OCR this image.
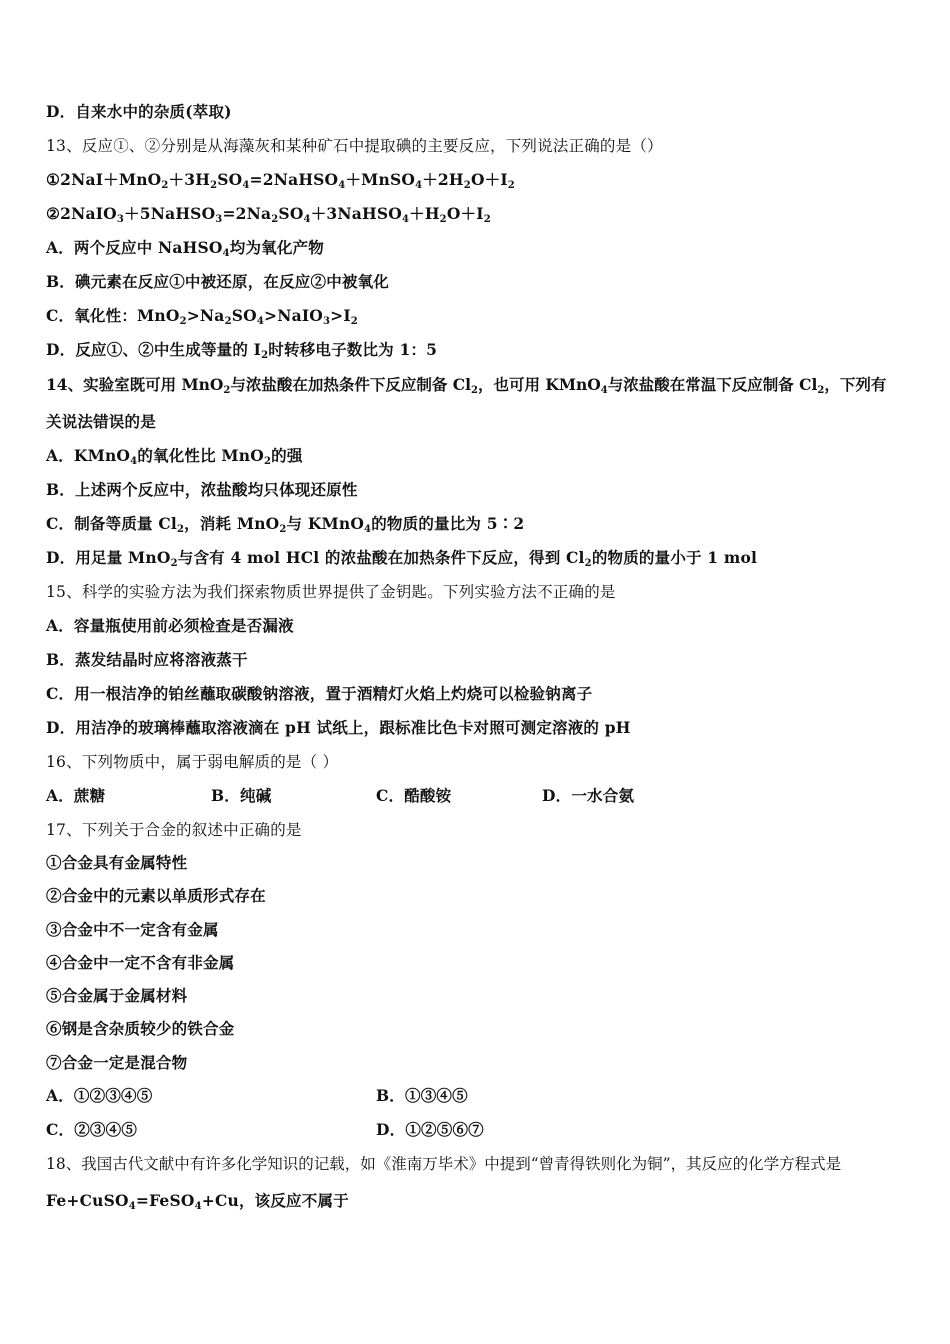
D．自来水中的杂质(萃取)
13、反应①、②分别是从海藻灰和某种矿石中提取碘的主要反应，下列说法正确的是（）
$①2NaI+MnO_2+3H_2SO_4=2NaHSO_4+MnSO_4+2H_2O+I_2$
$②2NaIO_3+5NaHSO_3=2Na_2SO_4+3NaHSO_4+H_2O+I_2$
A．两个反应中 NaHSO$_4$均为氧化产物
B．碘元素在反应①中被还原，在反应②中被氧化
C．氧化性：$MnO_2>Na_2SO_4>NaIO_3>I_2$
D．反应①、②中生成等量的 $I_2$时转移电子数比为 1：5
14、实验室既可用 MnO$_2$与浓盐酸在加热条件下反应制备 $Cl_2$，也可用 KMnO$_4$与浓盐酸在常温下反应制备 $Cl_2$，下列有
关说法错误的是
A．KMnO$_4$的氧化性比 MnO$_2$的强
B．上述两个反应中，浓盐酸均只体现还原性
C．制备等质量 $Cl_2$，消耗 MnO$_2$与 KMnO$_4$的物质的量比为 5∶2
D．用足量 MnO$_2$与含有 4 mol HCl 的浓盐酸在加热条件下反应，得到 $Cl_2$的物质的量小于 1 mol
15、科学的实验方法为我们探索物质世界提供了金钥匙。下列实验方法不正确的是
A．容量瓶使用前必须检查是否漏液
B．蒸发结晶时应将溶液蒸干
C．用一根洁净的铂丝蘸取碳酸钠溶液，置于酒精灯火焰上灼烧可以检验钠离子
D．用洁净的玻璃棒蘸取溶液滴在 pH 试纸上，跟标准比色卡对照可测定溶液的 pH
16、下列物质中，属于弱电解质的是（ ）
A．蔗糖	B．纯碱	C．酷酸铵	D．一水合氨
17、下列关于合金的叙述中正确的是
①合金具有金属特性
②合金中的元素以单质形式存在
③合金中不一定含有金属
④合金中一定不含有非金属
⑤合金属于金属材料
⑥钢是含杂质较少的铁合金
⑦合金一定是混合物
A．①②③④⑤	B．①③④⑤
C．②③④⑤	D．①②⑤⑥⑦
18、我国古代文献中有许多化学知识的记载，如《淮南万毕术》中提到“曾青得铁则化为铜”，其反应的化学方程式是
Fe+CuSO$_4$=FeSO$_4$+Cu，该反应不属于
